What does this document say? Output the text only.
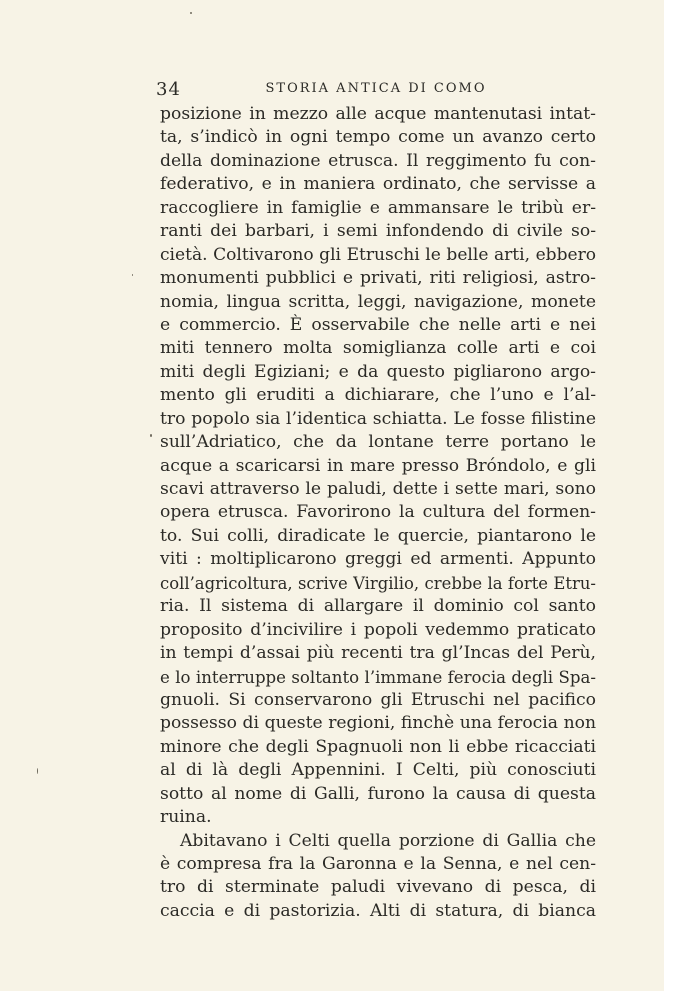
34	STORIA ANTICA DI COMO
posizione in mezzo alle acque mantenutasi intat-
ta, s’indicò in ogni tempo come un avanzo certo
della dominazione etrusca. Il reggimento fu con-
federativo, e in maniera ordinato, che servisse a
raccogliere in famiglie e ammansare le tribù er-
ranti dei barbari, i semi infondendo di civile so-
cietà. Coltivarono gli Etruschi le belle arti, ebbero
monumenti pubblici e privati, riti religiosi, astro-
nomia, lingua scritta, leggi, navigazione, monete
e commercio. È osservabile che nelle arti e nei
miti tennero molta somiglianza colle arti e coi
miti degli Egiziani; e da questo pigliarono argo-
mento gli eruditi a dichiarare, che l’uno e l’al-
tro popolo sia l’identica schiatta. Le fosse filistine
sull’Adriatico, che da lontane terre portano le
acque a scaricarsi in mare presso Bróndolo, e gli
scavi attraverso le paludi, dette i sette mari, sono
opera etrusca. Favorirono la cultura del formen-
to. Sui colli, diradicate le quercie, piantarono le
viti : moltiplicarono greggi ed armenti. Appunto
coll’agricoltura, scrive Virgilio, crebbe la forte Etru-
ria. Il sistema di allargare il dominio col santo
proposito d’incivilire i popoli vedemmo praticato
in tempi d’assai più recenti tra gl’Incas del Perù,
e lo interruppe soltanto l’immane ferocia degli Spa-
gnuoli. Si conservarono gli Etruschi nel pacifico
possesso di queste regioni, finchè una ferocia non
minore che degli Spagnuoli non li ebbe ricacciati
al di là degli Appennini. I Celti, più conosciuti
sotto al nome di Galli, furono la causa di questa
ruina.
Abitavano i Celti quella porzione di Gallia che
è compresa fra la Garonna e la Senna, e nel cen-
tro di sterminate paludi vivevano di pesca, di
caccia e di pastorizia. Alti di statura, di bianca
